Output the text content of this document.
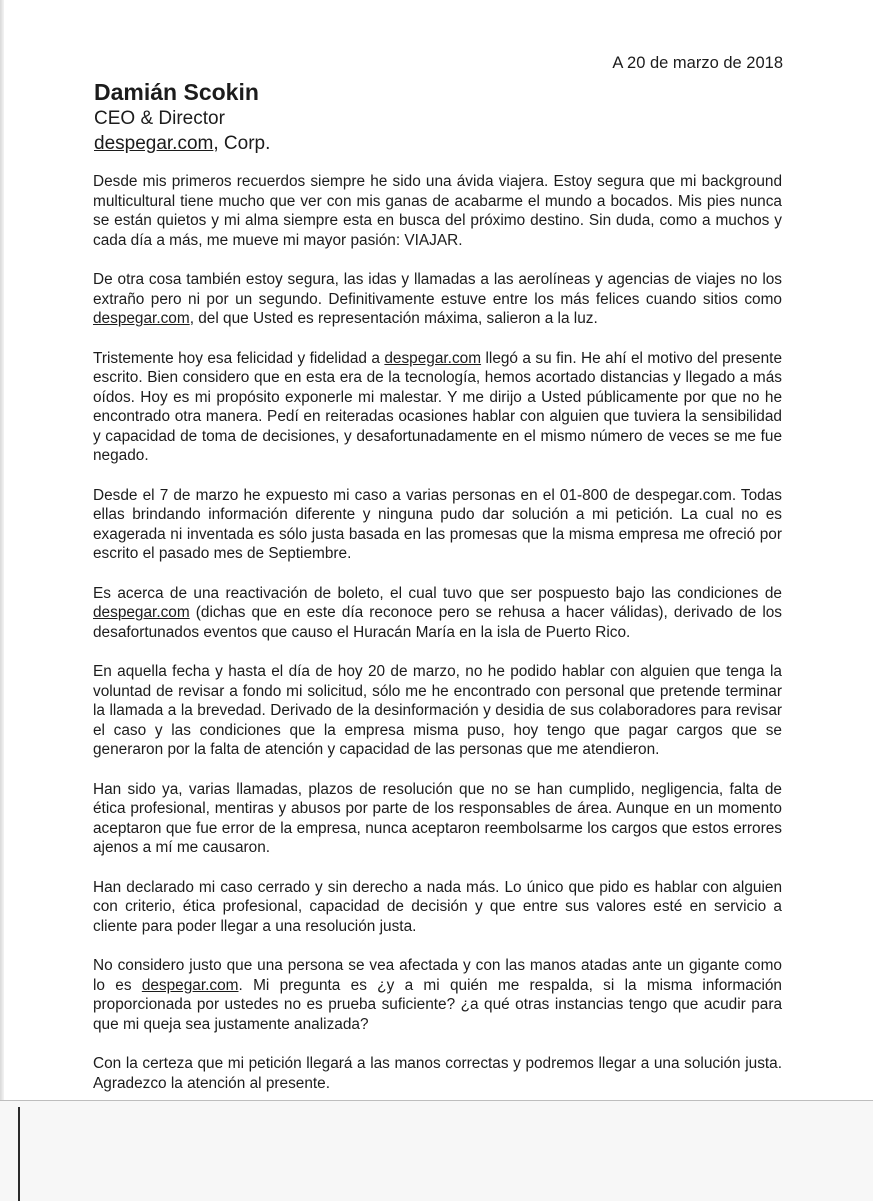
A 20 de marzo de 2018
Damián Scokin
CEO & Director
despegar.com, Corp.

Desde mis primeros recuerdos siempre he sido una ávida viajera. Estoy segura que mi background multicultural tiene mucho que ver con mis ganas de acabarme el mundo a bocados. Mis pies nunca se están quietos y mi alma siempre esta en busca del próximo destino. Sin duda, como a muchos y cada día a más, me mueve mi mayor pasión: VIAJAR.

De otra cosa también estoy segura, las idas y llamadas a las aerolíneas y agencias de viajes no los extraño pero ni por un segundo. Definitivamente estuve entre los más felices cuando sitios como despegar.com, del que Usted es representación máxima, salieron a la luz.

Tristemente hoy esa felicidad y fidelidad a despegar.com llegó a su fin. He ahí el motivo del presente escrito. Bien considero que en esta era de la tecnología, hemos acortado distancias y llegado a más oídos. Hoy es mi propósito exponerle mi malestar. Y me dirijo a Usted públicamente por que no he encontrado otra manera. Pedí en reiteradas ocasiones hablar con alguien que tuviera la sensibilidad y capacidad de toma de decisiones, y desafortunadamente en el mismo número de veces se me fue negado.

Desde el 7 de marzo he expuesto mi caso a varias personas en el 01-800 de despegar.com. Todas ellas brindando información diferente y ninguna pudo dar solución a mi petición. La cual no es exagerada ni inventada es sólo justa basada en las promesas que la misma empresa me ofreció por escrito el pasado mes de Septiembre.

Es acerca de una reactivación de boleto, el cual tuvo que ser pospuesto bajo las condiciones de despegar.com (dichas que en este día reconoce pero se rehusa a hacer válidas), derivado de los desafortunados eventos que causo el Huracán María en la isla de Puerto Rico.

En aquella fecha y hasta el día de hoy 20 de marzo, no he podido hablar con alguien que tenga la voluntad de revisar a fondo mi solicitud, sólo me he encontrado con personal que pretende terminar la llamada a la brevedad. Derivado de la desinformación y desidia de sus colaboradores para revisar el caso y las condiciones que la empresa misma puso, hoy tengo que pagar cargos que se generaron por la falta de atención y capacidad de las personas que me atendieron.

Han sido ya, varias llamadas, plazos de resolución que no se han cumplido, negligencia, falta de ética profesional, mentiras y abusos por parte de los responsables de área. Aunque en un momento aceptaron que fue error de la empresa, nunca aceptaron reembolsarme los cargos que estos errores ajenos a mí me causaron.

Han declarado mi caso cerrado y sin derecho a nada más. Lo único que pido es hablar con alguien con criterio, ética profesional, capacidad de decisión y que entre sus valores esté en servicio a cliente para poder llegar a una resolución justa.

No considero justo que una persona se vea afectada y con las manos atadas ante un gigante como lo es despegar.com. Mi pregunta es ¿y a mi quién me respalda, si la misma información proporcionada por ustedes no es prueba suficiente? ¿a qué otras instancias tengo que acudir para que mi queja sea justamente analizada?

Con la certeza que mi petición llegará a las manos correctas y podremos llegar a una solución justa. Agradezco la atención al presente.
